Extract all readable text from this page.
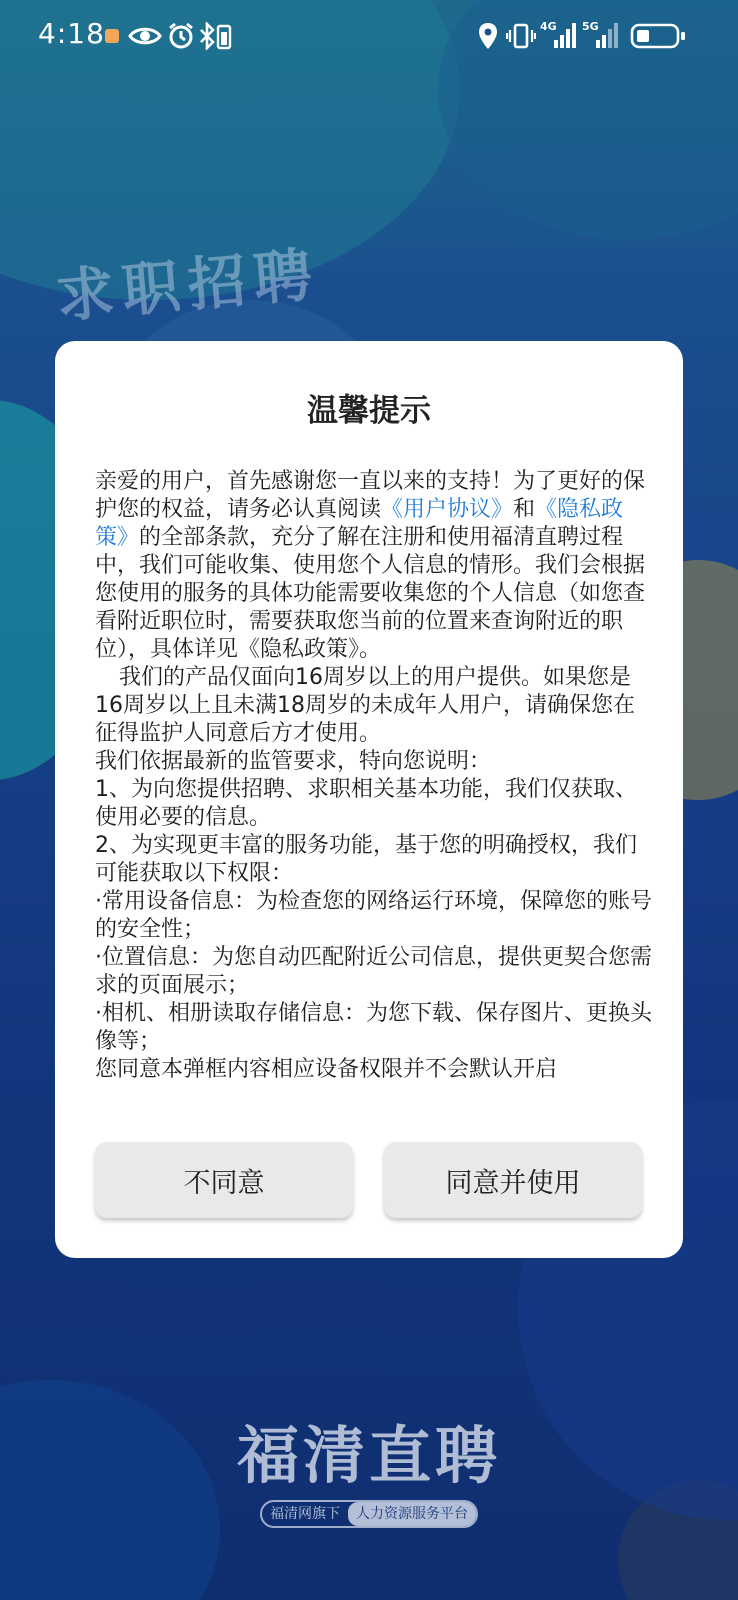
4:18	4G 5G
求职招聘
温馨提示

亲爱的用户，首先感谢您一直以来的支持！为了更好的保护您的权益，请务必认真阅读《用户协议》和《隐私政策》的全部条款，充分了解在注册和使用福清直聘过程中，我们可能收集、使用您个人信息的情形。我们会根据您使用的服务的具体功能需要收集您的个人信息（如您查看附近职位时，需要获取您当前的位置来查询附近的职位），具体详见《隐私政策》。

我们的产品仅面向16周岁以上的用户提供。如果您是16周岁以上且未满18周岁的未成年人用户，请确保您在征得监护人同意后方才使用。

我们依据最新的监管要求，特向您说明：

1、为向您提供招聘、求职相关基本功能，我们仅获取、使用必要的信息。

2、为实现更丰富的服务功能，基于您的明确授权，我们可能获取以下权限：

·常用设备信息：为检查您的网络运行环境，保障您的账号的安全性；

·位置信息：为您自动匹配附近公司信息，提供更契合您需求的页面展示；

·相机、相册读取存储信息：为您下载、保存图片、更换头像等；

您同意本弹框内容相应设备权限并不会默认开启

不同意	同意并使用
福清直聘
福清网旗下 人力资源服务平台
